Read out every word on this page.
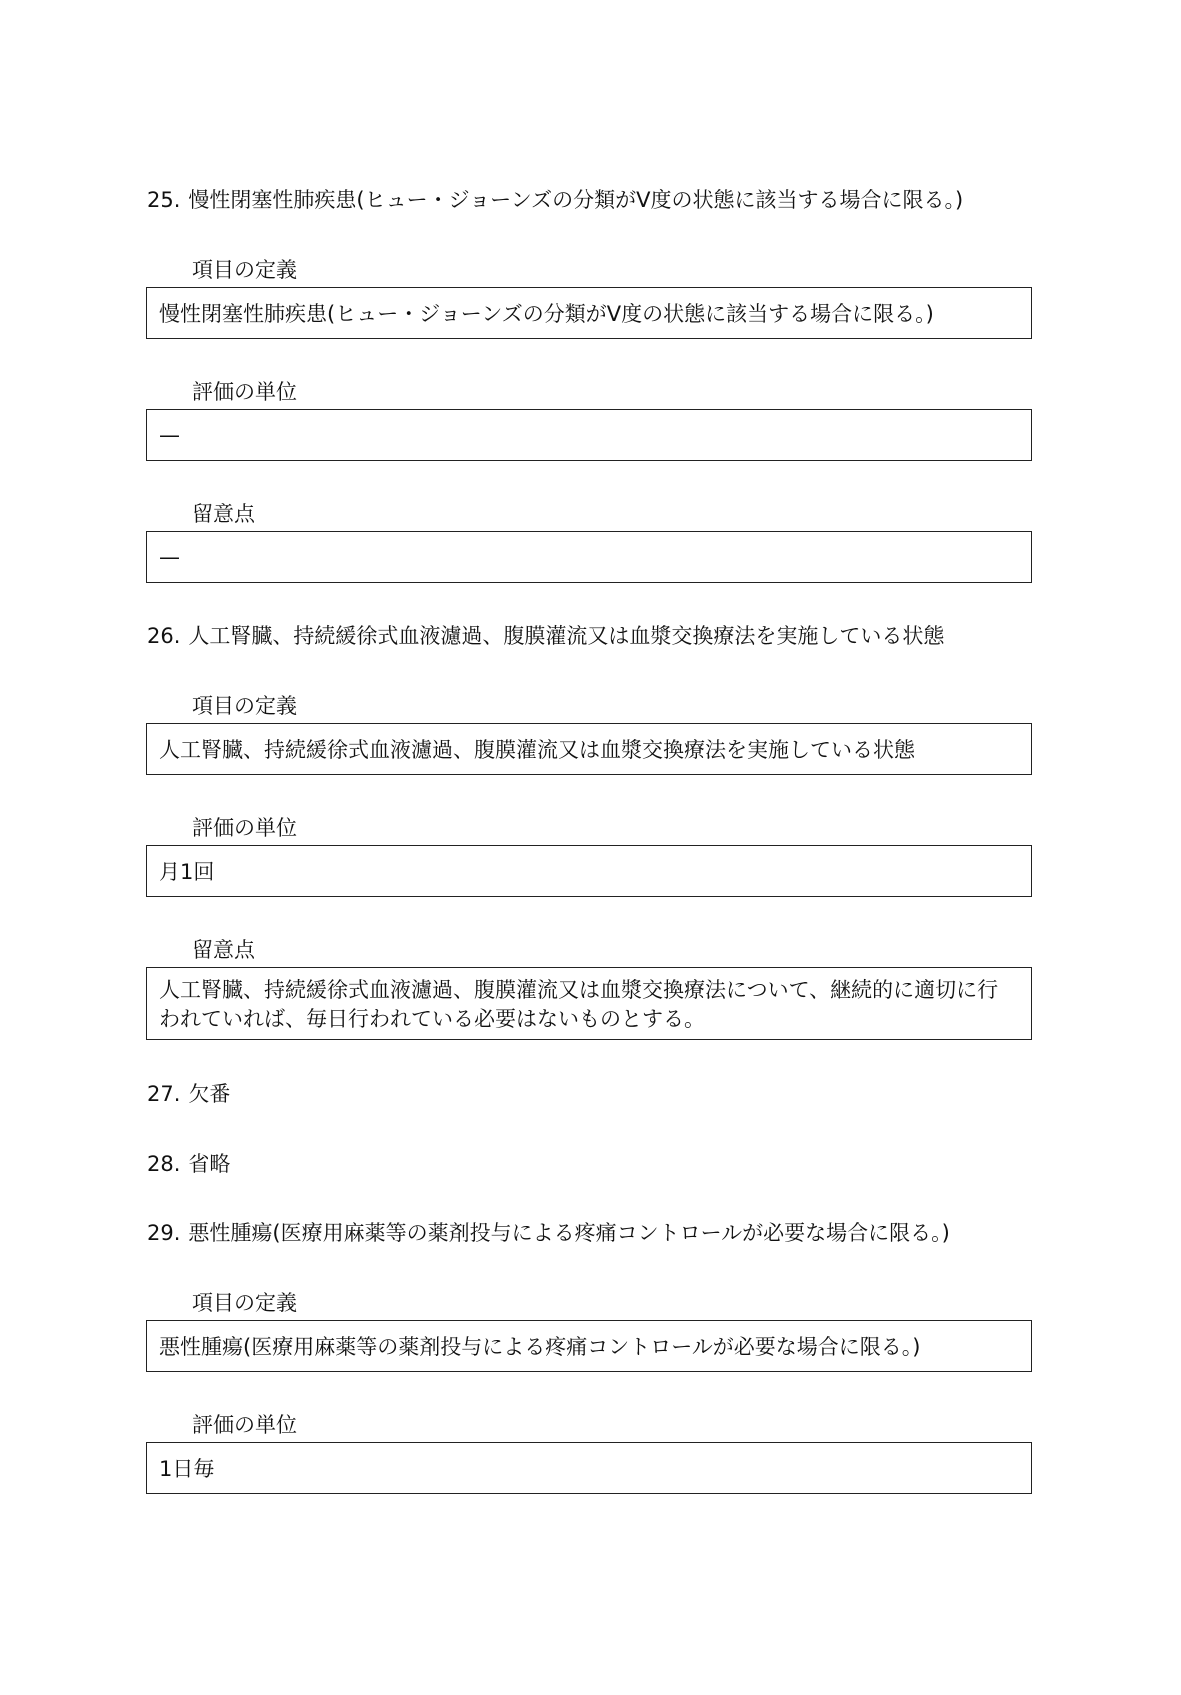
25. 慢性閉塞性肺疾患(ヒュー・ジョーンズの分類がⅤ度の状態に該当する場合に限る。)
項目の定義
慢性閉塞性肺疾患(ヒュー・ジョーンズの分類がⅤ度の状態に該当する場合に限る。)
評価の単位
—
留意点
—
26. 人工腎臓、持続緩徐式血液濾過、腹膜灌流又は血漿交換療法を実施している状態
項目の定義
人工腎臓、持続緩徐式血液濾過、腹膜灌流又は血漿交換療法を実施している状態
評価の単位
月1回
留意点
人工腎臓、持続緩徐式血液濾過、腹膜灌流又は血漿交換療法について、継続的に適切に行
われていれば、毎日行われている必要はないものとする。
27. 欠番
28. 省略
29. 悪性腫瘍(医療用麻薬等の薬剤投与による疼痛コントロールが必要な場合に限る。)
項目の定義
悪性腫瘍(医療用麻薬等の薬剤投与による疼痛コントロールが必要な場合に限る。)
評価の単位
1日毎
